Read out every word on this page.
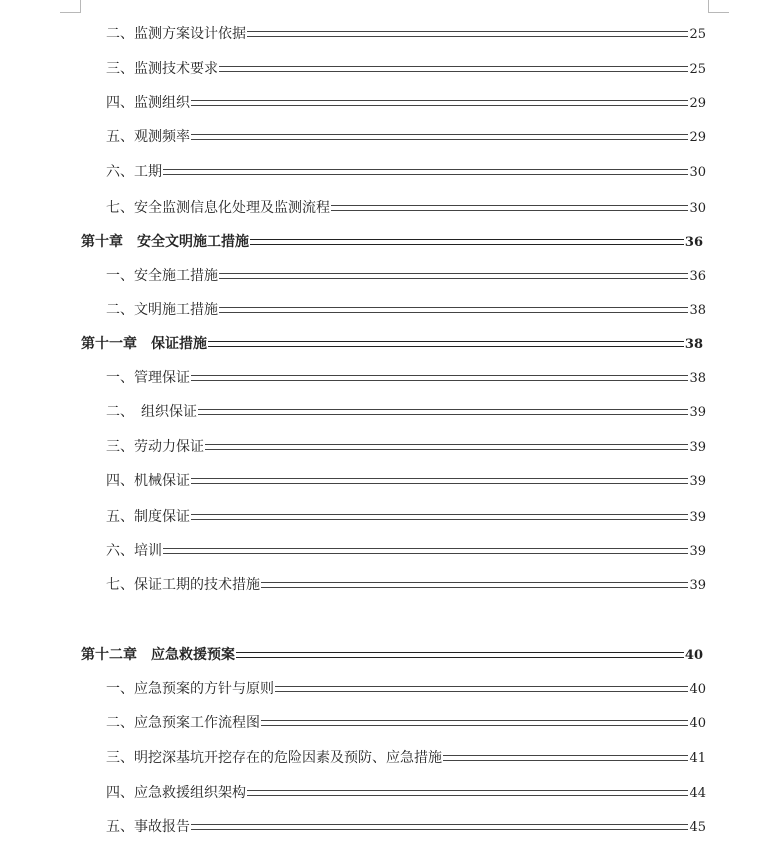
二、监测方案设计依据	25
三、监测技术要求	25
四、监测组织	29
五、观测频率	29
六、工期	30
七、安全监测信息化处理及监测流程	30
第十章　安全文明施工措施	36
一、安全施工措施	36
二、文明施工措施	38
第十一章　保证措施	38
一、管理保证	38
二、　组织保证	39
三、劳动力保证	39
四、机械保证	39
五、制度保证	39
六、培训	39
七、保证工期的技术措施	39
第十二章　应急救援预案	40
一、应急预案的方针与原则	40
二、应急预案工作流程图	40
三、明挖深基坑开挖存在的危险因素及预防、应急措施	41
四、应急救援组织架构	44
五、事故报告	45
